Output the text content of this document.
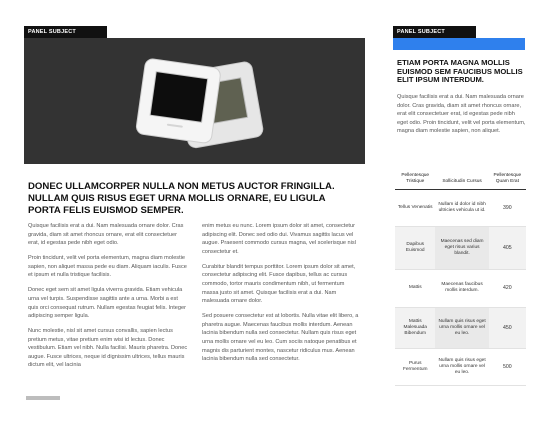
PANEL SUBJECT
DONEC ULLAMCORPER NULLA NON METUS AUCTOR FRINGILLA. NULLAM QUIS RISUS EGET URNA MOLLIS ORNARE, EU LIGULA PORTA FELIS EUISMOD SEMPER.

Quisque facilisis erat a dui. Nam malesuada ornare dolor. Cras gravida, diam sit amet rhoncus ornare, erat elit consectetuer erat, id egestas pede nibh eget odio.

Proin tincidunt, velit vel porta elementum, magna diam molestie sapien, non aliquet massa pede eu diam. Aliquam iaculis. Fusce et ipsum et nulla tristique facilisis.

Donec eget sem sit amet ligula viverra gravida. Etiam vehicula urna vel turpis. Suspendisse sagittis ante a urna. Morbi a est quis orci consequat rutrum. Nullam egestas feugiat felis. Integer adipiscing semper ligula.

Nunc molestie, nisl sit amet cursus convallis, sapien lectus pretium metus, vitae pretium enim wisi id lectus. Donec vestibulum. Etiam vel nibh. Nulla facilisi. Mauris pharetra. Donec augue. Fusce ultrices, neque id dignissim ultrices, tellus mauris dictum elit, vel lacinia

enim metus eu nunc. Lorem ipsum dolor sit amet, consectetur adipiscing elit. Donec sed odio dui. Vivamus sagittis lacus vel augue. Praesent commodo cursus magna, vel scelerisque nisl consectetur et.

Curabitur blandit tempus porttitor. Lorem ipsum dolor sit amet, consectetur adipiscing elit. Fusce dapibus, tellus ac cursus commodo, tortor mauris condimentum nibh, ut fermentum massa justo sit amet. Quisque facilisis erat a dui. Nam malesuada ornare dolor.

Sed posuere consectetur est at lobortis. Nulla vitae elit libero, a pharetra augue. Maecenas faucibus mollis interdum. Aenean lacinia bibendum nulla sed consectetur. Nullam quis risus eget urna mollis ornare vel eu leo. Cum sociis natoque penatibus et magnis dis parturient montes, nascetur ridiculus mus. Aenean lacinia bibendum nulla sed consectetur.

PANEL SUBJECT
ETIAM PORTA MAGNA MOLLIS EUISMOD SEM FAUCIBUS MOLLIS ELIT IPSUM INTERDUM.
Quisque facilisis erat a dui. Nam malesuada ornare dolor. Cras gravida, diam sit amet rhoncus ornare, erat elit consectetuer erat, id egestas pede nibh eget odio. Proin tincidunt, velit vel porta elementum, magna diam molestie sapien, non aliquet.
Pellentesque Tristique	Sollicitudin Cursus	Pellentesque Quam Erat
Tellus Venenatis	Nullam id dolor id nibh ultricies vehicula ut id.	390
Dapibus Euismod	Maecenas sed diam eget risus varius blandit.	405
Mattis	Maecenas faucibus mollis interdum.	420
Mattis Malesuada Bibendum	Nullam quis risus eget urna mollis ornare vel eu leo.	450
Purus Fermentum	Nullam quis risus eget urna mollis ornare vel eu leo.	500
